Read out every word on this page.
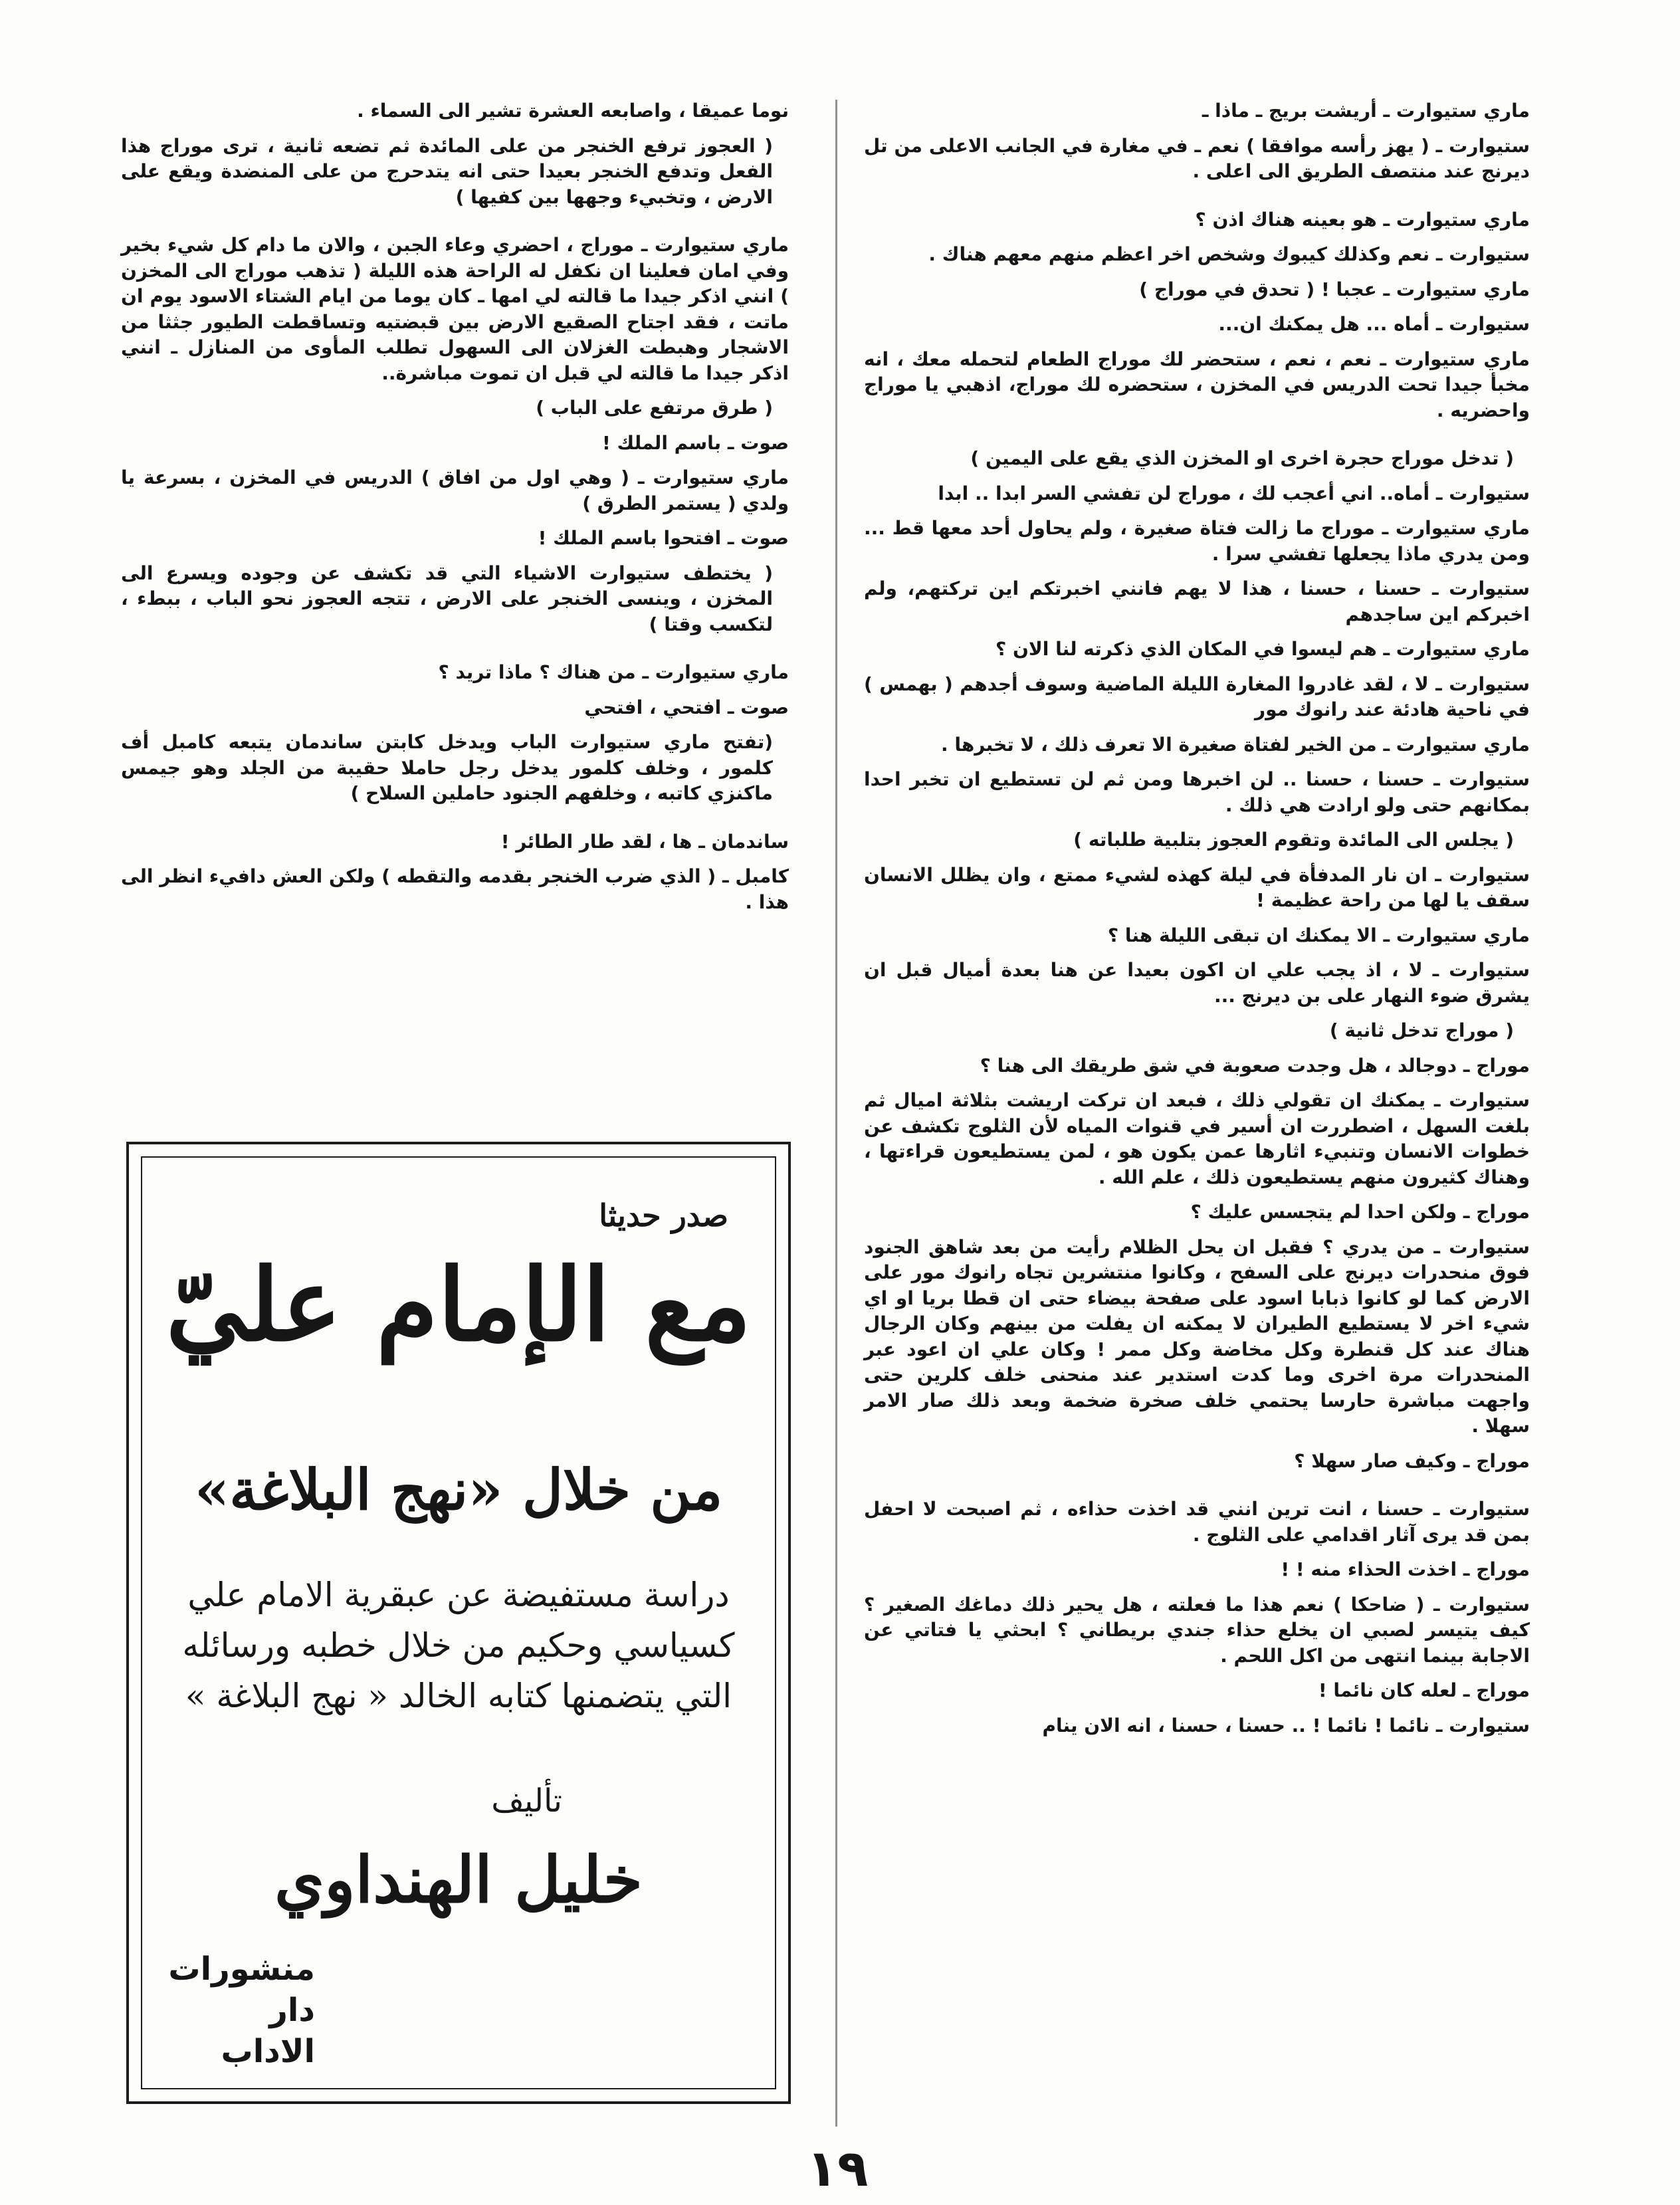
ماري ستيوارت ـ أريشت بريج ـ ماذا ـ

ستيوارت ـ ( يهز رأسه موافقا ) نعم ـ في مغارة في الجانب الاعلى من تل ديرنج عند منتصف الطريق الى اعلى .

ماري ستيوارت ـ هو بعينه هناك اذن ؟

ستيوارت ـ نعم وكذلك كيبوك وشخص اخر اعظم منهم معهم هناك .

ماري ستيوارت ـ عجبا ! ( تحدق في موراج )

ستيوارت ـ أماه ... هل يمكنك ان...

ماري ستيوارت ـ نعم ، نعم ، ستحضر لك موراج الطعام لتحمله معك ، انه مخبأ جيدا تحت الدريس في المخزن ، ستحضره لك موراج، اذهبي يا موراج واحضريه .

( تدخل موراج حجرة اخرى او المخزن الذي يقع على اليمين )

ستيوارت ـ أماه.. اني أعجب لك ، موراج لن تفشي السر ابدا .. ابدا

ماري ستيوارت ـ موراج ما زالت فتاة صغيرة ، ولم يحاول أحد معها قط ... ومن يدري ماذا يجعلها تفشي سرا .

ستيوارت ـ حسنا ، حسنا ، هذا لا يهم فانني اخبرتكم اين تركتهم، ولم اخبركم اين ساجدهم

ماري ستيوارت ـ هم ليسوا في المكان الذي ذكرته لنا الان ؟

ستيوارت ـ لا ، لقد غادروا المغارة الليلة الماضية وسوف أجدهم ( بهمس ) في ناحية هادئة عند رانوك مور

ماري ستيوارت ـ من الخير لفتاة صغيرة الا تعرف ذلك ، لا تخبرها .

ستيوارت ـ حسنا ، حسنا .. لن اخبرها ومن ثم لن تستطيع ان تخبر احدا بمكانهم حتى ولو ارادت هي ذلك .

( يجلس الى المائدة وتقوم العجوز بتلبية طلباته )

ستيوارت ـ ان نار المدفأة في ليلة كهذه لشيء ممتع ، وان يظلل الانسان سقف يا لها من راحة عظيمة !

ماري ستيوارت ـ الا يمكنك ان تبقى الليلة هنا ؟

ستيوارت ـ لا ، اذ يجب علي ان اكون بعيدا عن هنا بعدة أميال قبل ان يشرق ضوء النهار على بن ديرنج ...

( موراج تدخل ثانية )

موراج ـ دوجالد ، هل وجدت صعوبة في شق طريقك الى هنا ؟

ستيوارت ـ يمكنك ان تقولي ذلك ، فبعد ان تركت اريشت بثلاثة اميال ثم بلغت السهل ، اضطررت ان أسير في قنوات المياه لأن الثلوج تكشف عن خطوات الانسان وتنبيء اثارها عمن يكون هو ، لمن يستطيعون قراءتها ، وهناك كثيرون منهم يستطيعون ذلك ، علم الله .

موراج ـ ولكن احدا لم يتجسس عليك ؟

ستيوارت ـ من يدري ؟ فقبل ان يحل الظلام رأيت من بعد شاهق الجنود فوق منحدرات ديرنج على السفح ، وكانوا منتشرين تجاه رانوك مور على الارض كما لو كانوا ذبابا اسود على صفحة بيضاء حتى ان قطا بريا او اي شيء اخر لا يستطيع الطيران لا يمكنه ان يفلت من بينهم وكان الرجال هناك عند كل قنطرة وكل مخاضة وكل ممر ! وكان علي ان اعود عبر المنحدرات مرة اخرى وما كدت استدير عند منحنى خلف كلرين حتى واجهت مباشرة حارسا يحتمي خلف صخرة ضخمة وبعد ذلك صار الامر سهلا .

موراج ـ وكيف صار سهلا ؟

ستيوارت ـ حسنا ، انت ترين انني قد اخذت حذاءه ، ثم اصبحت لا احفل بمن قد يرى آثار اقدامي على الثلوج .

موراج ـ اخذت الحذاء منه ! !

ستيوارت ـ ( ضاحكا ) نعم هذا ما فعلته ، هل يحير ذلك دماغك الصغير ؟ كيف يتيسر لصبي ان يخلع حذاء جندي بريطاني ؟ ابحثي يا فتاتي عن الاجابة بينما انتهى من اكل اللحم .

موراج ـ لعله كان نائما !

ستيوارت ـ نائما ! نائما ! .. حسنا ، حسنا ، انه الان ينام

نوما عميقا ، واصابعه العشرة تشير الى السماء .

( العجوز ترفع الخنجر من على المائدة ثم تضعه ثانية ، ترى موراج هذا الفعل وتدفع الخنجر بعيدا حتى انه يتدحرج من على المنضدة ويقع على الارض ، وتخبيء وجهها بين كفيها )

ماري ستيوارت ـ موراج ، احضري وعاء الجبن ، والان ما دام كل شيء بخير وفي امان فعلينا ان نكفل له الراحة هذه الليلة ( تذهب موراج الى المخزن ) انني اذكر جيدا ما قالته لي امها ـ كان يوما من ايام الشتاء الاسود يوم ان ماتت ، فقد اجتاح الصقيع الارض بين قبضتيه وتساقطت الطيور جثثا من الاشجار وهبطت الغزلان الى السهول تطلب المأوى من المنازل ـ انني اذكر جيدا ما قالته لي قبل ان تموت مباشرة..

( طرق مرتفع على الباب )

صوت ـ باسم الملك !

ماري ستيوارت ـ ( وهي اول من افاق ) الدريس في المخزن ، بسرعة يا ولدي ( يستمر الطرق )

صوت ـ افتحوا باسم الملك !

( يختطف ستيوارت الاشياء التي قد تكشف عن وجوده ويسرع الى المخزن ، وينسى الخنجر على الارض ، تتجه العجوز نحو الباب ، ببطء ، لتكسب وقتا )

ماري ستيوارت ـ من هناك ؟ ماذا تريد ؟

صوت ـ افتحي ، افتحي

(تفتح ماري ستيوارت الباب ويدخل كابتن ساندمان يتبعه كامبل أف كلمور ، وخلف كلمور يدخل رجل حاملا حقيبة من الجلد وهو جيمس ماكنزي كاتبه ، وخلفهم الجنود حاملين السلاح )

ساندمان ـ ها ، لقد طار الطائر !

كامبل ـ ( الذي ضرب الخنجر بقدمه والتقطه ) ولكن العش دافيء انظر الى هذا .

صدر حديثا
مع الإمام عليّ
من خلال «نهج البلاغة»
دراسة مستفيضة عن عبقرية الامام علي كسياسي وحكيم من خلال خطبه ورسائله التي يتضمنها كتابه الخالد « نهج البلاغة »
تأليف
خليل الهنداوي
منشورات
دار الاداب
١٩
